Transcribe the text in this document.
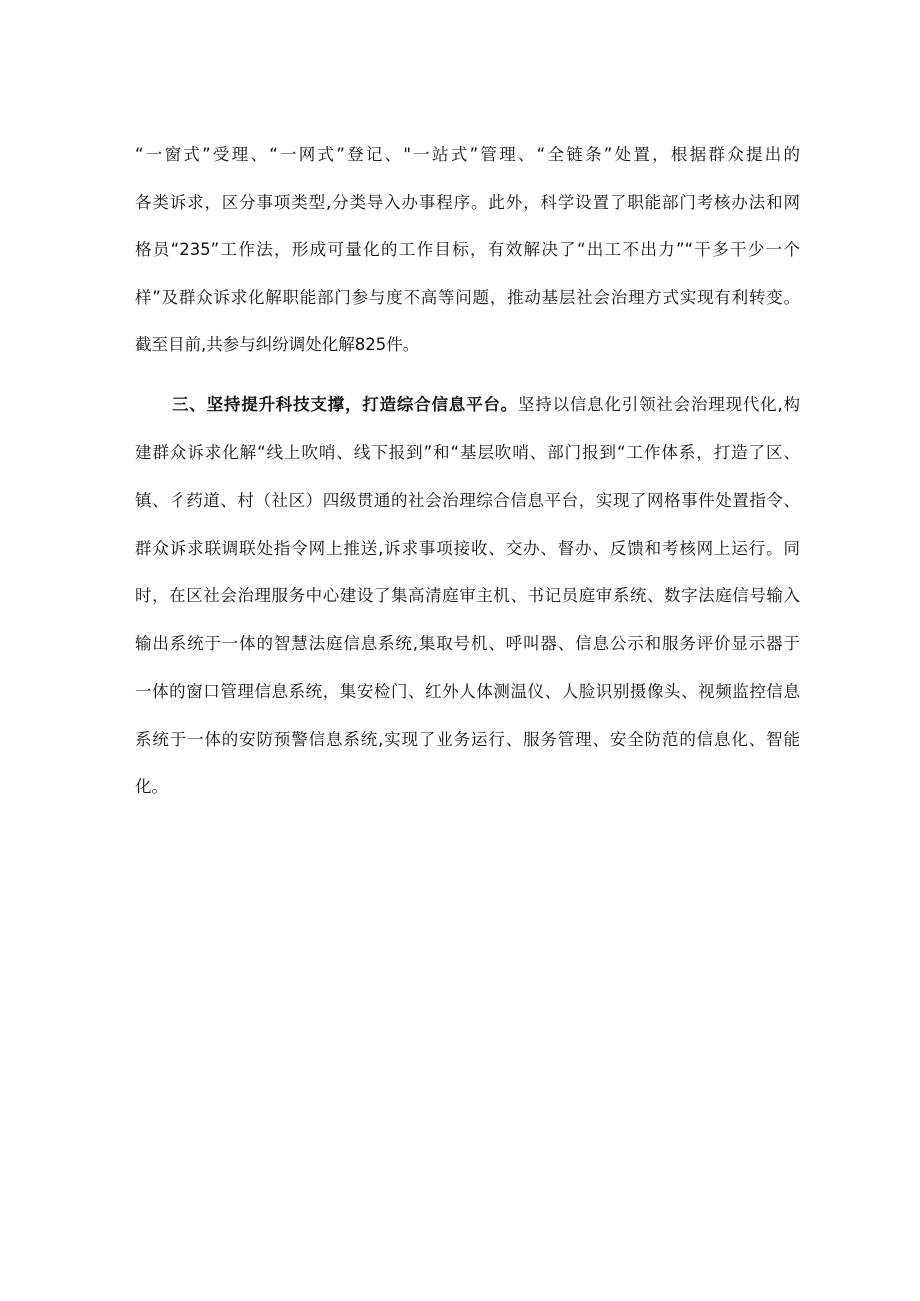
“一窗式”受理、“一网式”登记、"一站式”管理、“全链条”处置，根据群众提出的
各类诉求，区分事项类型,分类导入办事程序。此外，科学设置了职能部门考核办法和网
格员“235”工作法，形成可量化的工作目标，有效解决了“出工不出力”“干多干少一个
样”及群众诉求化解职能部门参与度不高等问题，推动基层社会治理方式实现有利转变。
截至目前,共参与纠纷调处化解825件。
三、坚持提升科技支撑，打造综合信息平台。坚持以信息化引领社会治理现代化,构
建群众诉求化解“线上吹哨、线下报到”和“基层吹哨、部门报到“工作体系，打造了区、
镇、彳药道、村（社区）四级贯通的社会治理综合信息平台，实现了网格事件处置指令、
群众诉求联调联处指令网上推送,诉求事项接收、交办、督办、反馈和考核网上运行。同
时，在区社会治理服务中心建设了集高清庭审主机、书记员庭审系统、数字法庭信号输入
输出系统于一体的智慧法庭信息系统,集取号机、呼叫器、信息公示和服务评价显示器于
一体的窗口管理信息系统，集安检门、红外人体测温仪、人脸识别摄像头、视频监控信息
系统于一体的安防预警信息系统,实现了业务运行、服务管理、安全防范的信息化、智能
化。
